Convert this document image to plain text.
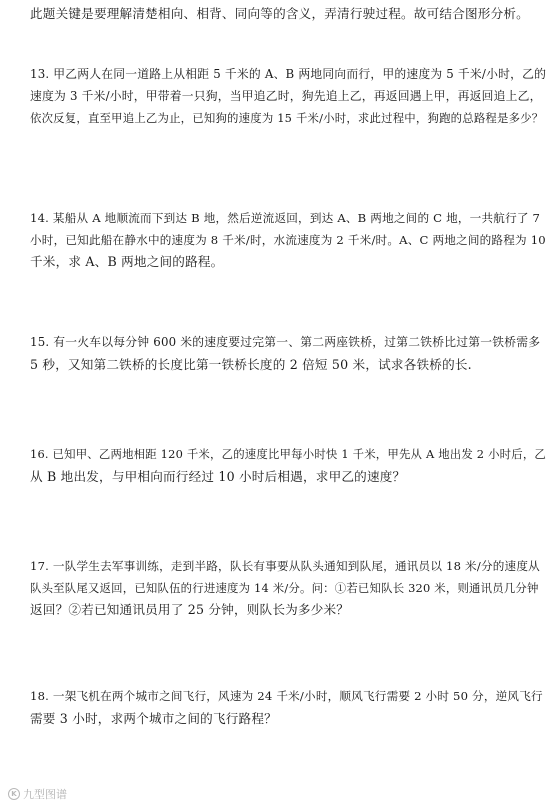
此题关键是要理解清楚相向、相背、同向等的含义，弄清行驶过程。故可结合图形分析。
13. 甲乙两人在同一道路上从相距 5 千米的 A、B 两地同向而行，甲的速度为 5 千米/小时，乙的
速度为 3 千米/小时，甲带着一只狗，当甲追乙时，狗先追上乙，再返回遇上甲，再返回追上乙，
依次反复，直至甲追上乙为止，已知狗的速度为 15 千米/小时，求此过程中，狗跑的总路程是多少？
14. 某船从 A 地顺流而下到达 B 地，然后逆流返回，到达 A、B 两地之间的 C 地，一共航行了 7
小时，已知此船在静水中的速度为 8 千米/时，水流速度为 2 千米/时。A、C 两地之间的路程为 10
千米，求 A、B 两地之间的路程。
15. 有一火车以每分钟 600 米的速度要过完第一、第二两座铁桥，过第二铁桥比过第一铁桥需多
5 秒，又知第二铁桥的长度比第一铁桥长度的 2 倍短 50 米，试求各铁桥的长.
16. 已知甲、乙两地相距 120 千米，乙的速度比甲每小时快 1 千米，甲先从 A 地出发 2 小时后，乙
从 B 地出发，与甲相向而行经过 10 小时后相遇，求甲乙的速度？
17. 一队学生去军事训练，走到半路，队长有事要从队头通知到队尾，通讯员以 18 米/分的速度从
队头至队尾又返回，已知队伍的行进速度为 14 米/分。问：①若已知队长 320 米，则通讯员几分钟
返回？②若已知通讯员用了 25 分钟，则队长为多少米？
18. 一架飞机在两个城市之间飞行，风速为 24 千米/小时，顺风飞行需要 2 小时 50 分，逆风飞行
需要 3 小时，求两个城市之间的飞行路程？
K 九型图谱
